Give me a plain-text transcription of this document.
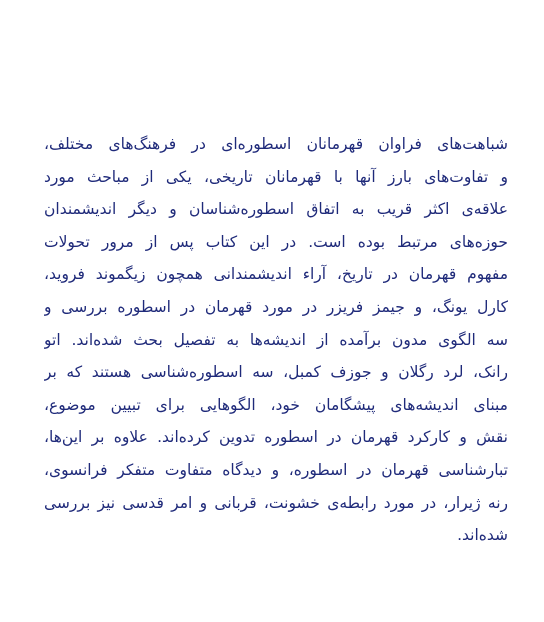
شباهت‌های فراوان قهرمانان اسطوره‌ای در فرهنگ‌های مختلف،
و تفاوت‌های بارز آنها با قهرمانان تاریخی، یکی از مباحث مورد
علاقه‌ی اکثر قریب به اتفاق اسطوره‌شناسان و دیگر اندیشمندان
حوزه‌های مرتبط بوده است. در این کتاب پس از مرور تحولات
مفهوم قهرمان در تاریخ، آراء اندیشمندانی همچون زیگموند فروید،
کارل یونگ، و جیمز فریزر در مورد قهرمان در اسطوره بررسی و
سه الگوی مدون برآمده از اندیشه‌ها به تفصیل بحث شده‌اند. اتو
رانک، لرد رگلان و جوزف کمبل، سه اسطوره‌شناسی هستند که بر
مبنای اندیشه‌های پیشگامان خود، الگوهایی برای تبیین موضوع،
نقش و کارکرد قهرمان در اسطوره تدوین کرده‌اند. علاوه بر این‌ها،
تبارشناسی قهرمان در اسطوره، و دیدگاه متفاوت متفکر فرانسوی،
رنه ژیرار، در مورد رابطه‌ی خشونت، قربانی و امر قدسی نیز بررسی
شده‌اند.
